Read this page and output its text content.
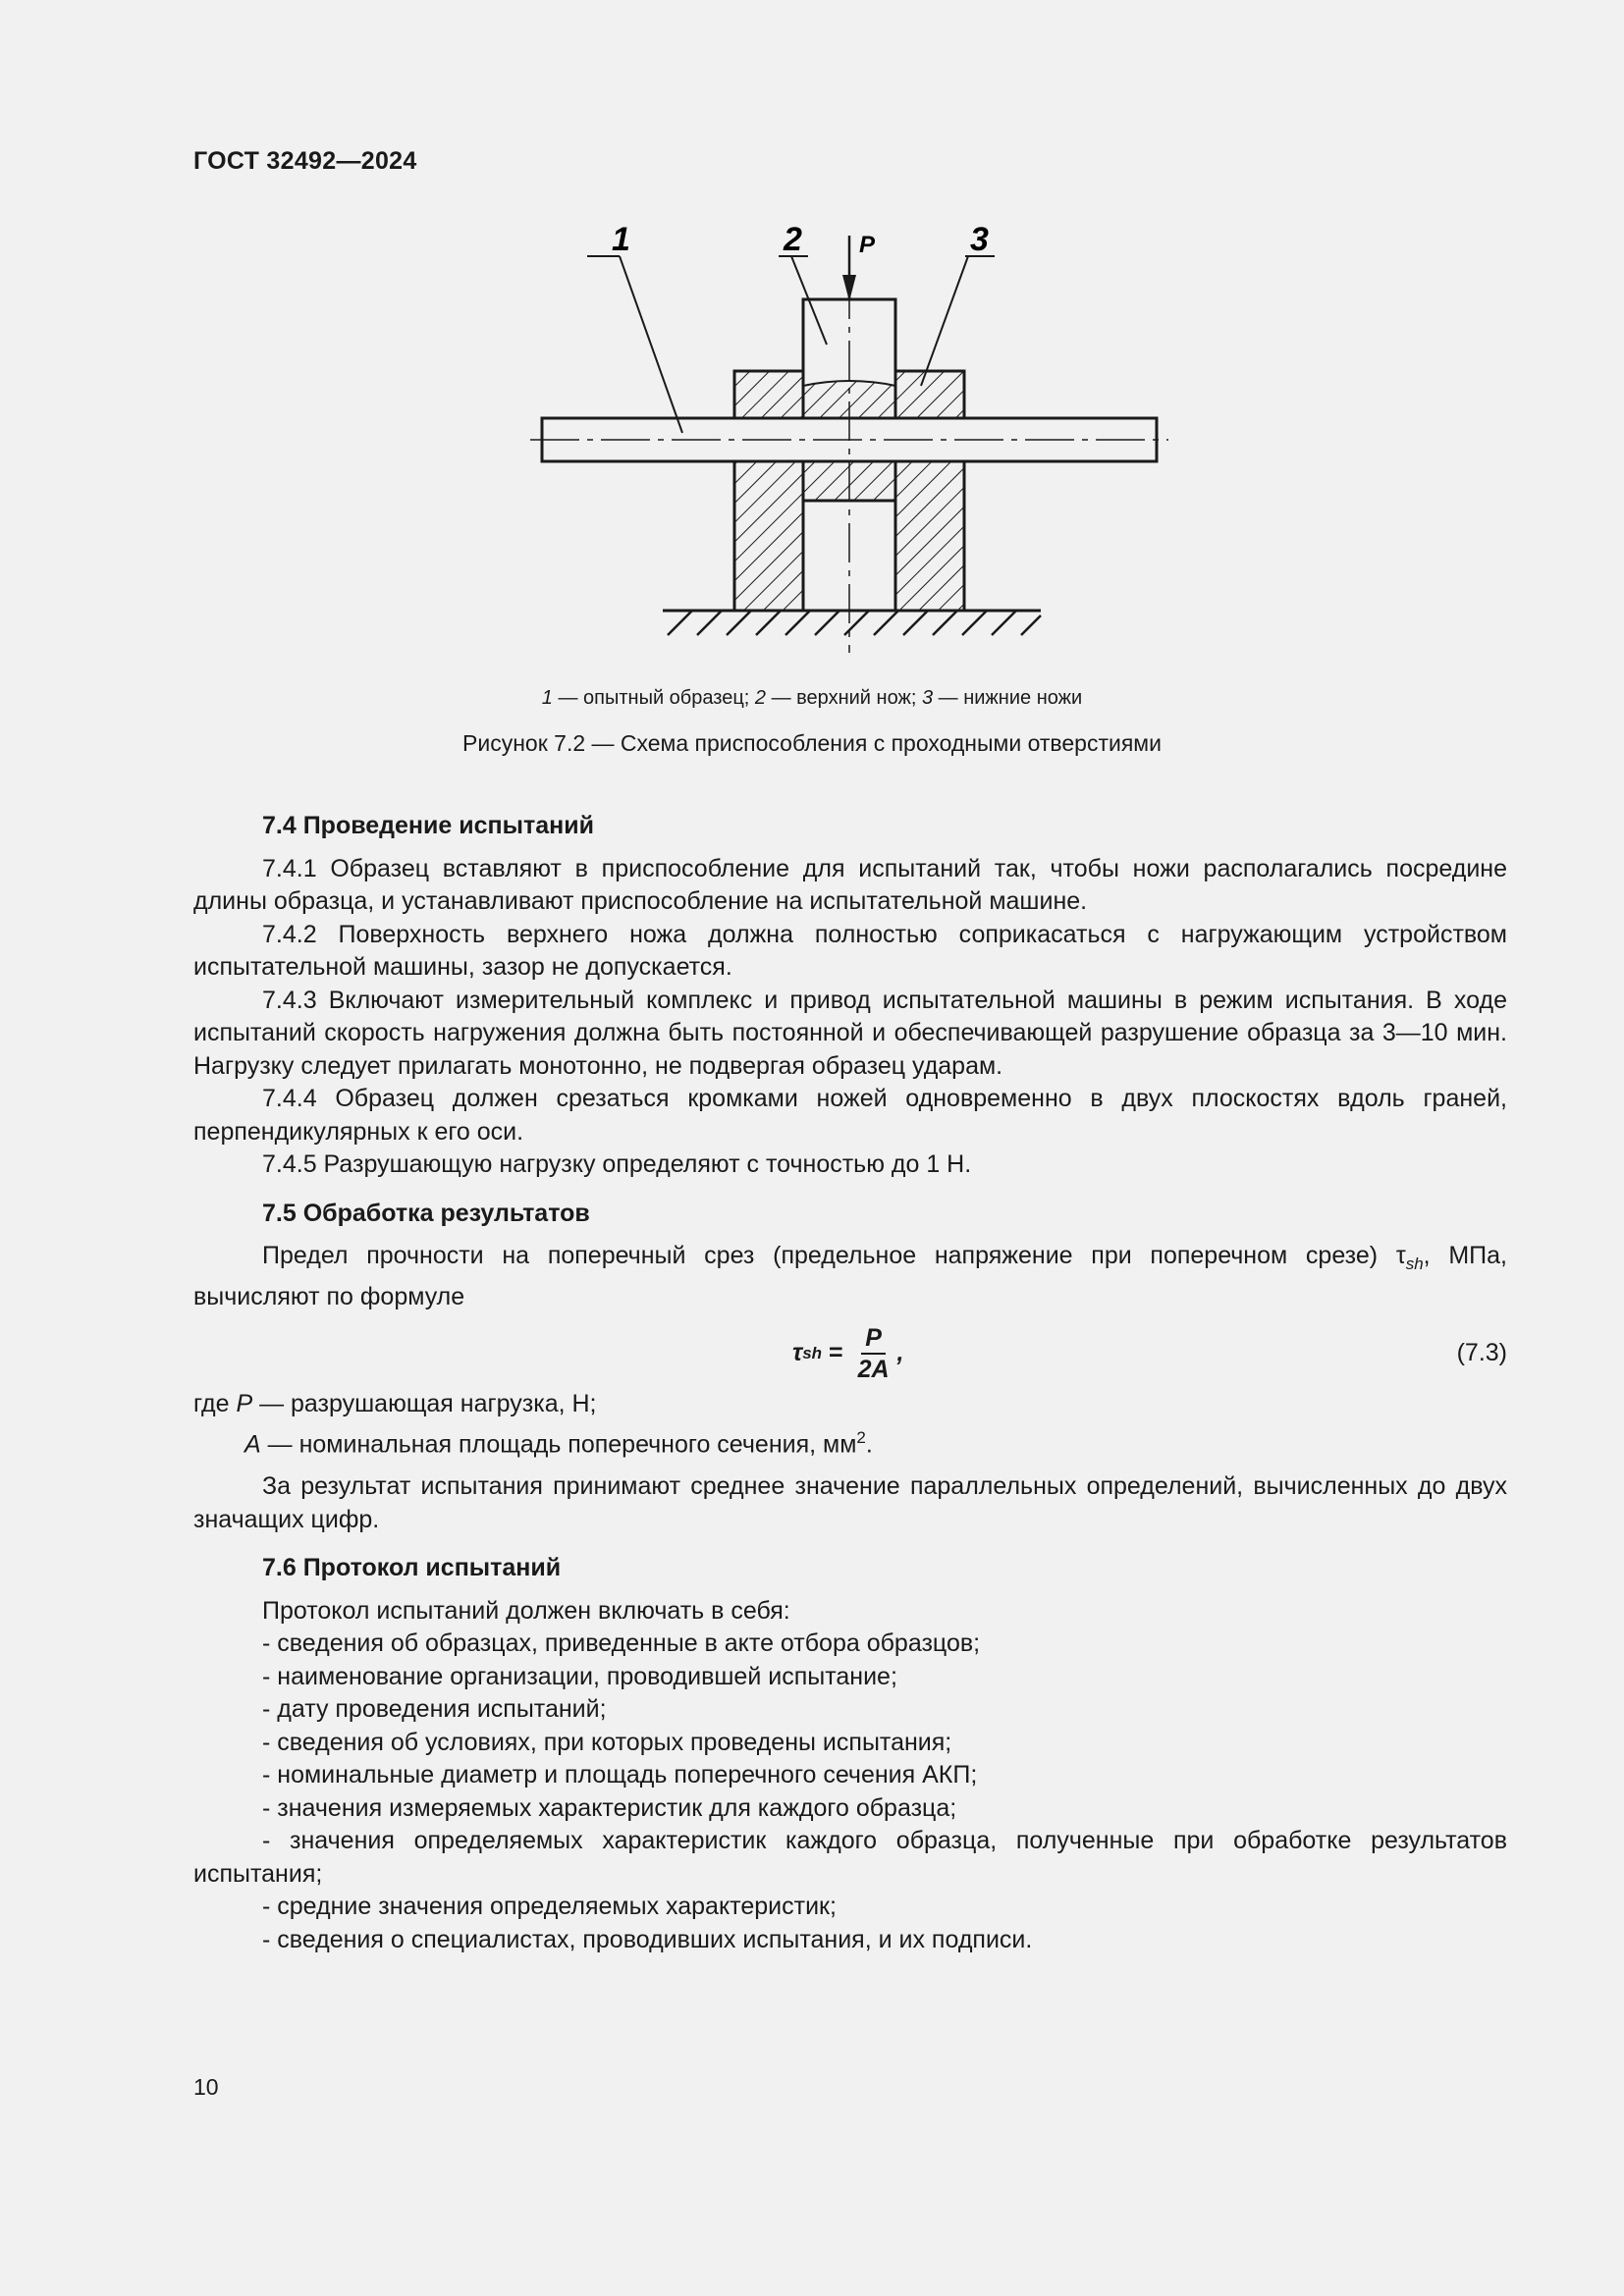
ГОСТ 32492—2024
1	2	3
P
1 — опытный образец; 2 — верхний нож; 3 — нижние ножи
Рисунок 7.2 — Схема приспособления с проходными отверстиями
7.4 Проведение испытаний

7.4.1 Образец вставляют в приспособление для испытаний так, чтобы ножи располагались посредине длины образца, и устанавливают приспособление на испытательной машине.

7.4.2 Поверхность верхнего ножа должна полностью соприкасаться с нагружающим устройством испытательной машины, зазор не допускается.

7.4.3 Включают измерительный комплекс и привод испытательной машины в режим испытания. В ходе испытаний скорость нагружения должна быть постоянной и обеспечивающей разрушение образца за 3—10 мин. Нагрузку следует прилагать монотонно, не подвергая образец ударам.

7.4.4 Образец должен срезаться кромками ножей одновременно в двух плоскостях вдоль граней, перпендикулярных к его оси.

7.4.5 Разрушающую нагрузку определяют с точностью до 1 Н.

7.5 Обработка результатов

Предел прочности на поперечный срез (предельное напряжение при поперечном срезе) $\tau_{sh}$, МПа, вычисляют по формуле

τ sh = $\frac{P}{2A}$ ,	(7.3)

где P — разрушающая нагрузка, Н;

A — номинальная площадь поперечного сечения, $мм^2$.

За результат испытания принимают среднее значение параллельных определений, вычисленных до двух значащих цифр.

7.6 Протокол испытаний

Протокол испытаний должен включать в себя:

- сведения об образцах, приведенные в акте отбора образцов;

- наименование организации, проводившей испытание;

- дату проведения испытаний;

- сведения об условиях, при которых проведены испытания;

- номинальные диаметр и площадь поперечного сечения АКП;

- значения измеряемых характеристик для каждого образца;

- значения определяемых характеристик каждого образца, полученные при обработке результатов испытания;

- средние значения определяемых характеристик;

- сведения о специалистах, проводивших испытания, и их подписи.

10
